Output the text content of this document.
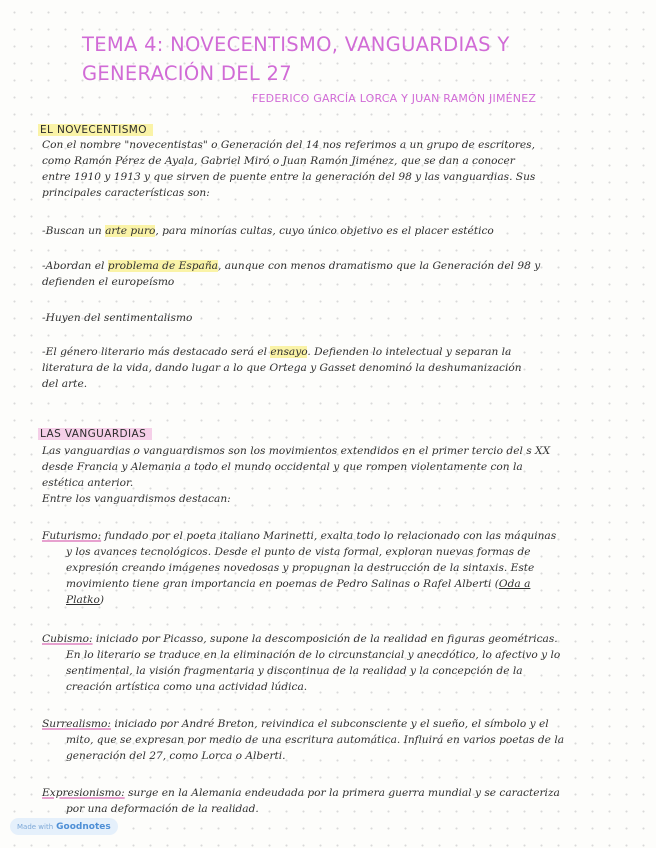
TEMA 4: NOVECENTISMO, VANGUARDIAS Y
GENERACIÓN DEL 27
FEDERICO GARCÍA LORCA Y JUAN RAMÓN JIMÉNEZ
EL NOVECENTISMO
Con el nombre "novecentistas" o Generación del 14 nos referimos a un grupo de escritores,
como Ramón Pérez de Ayala, Gabriel Miró o Juan Ramón Jiménez, que se dan a conocer
entre 1910 y 1913 y que sirven de puente entre la generación del 98 y las vanguardias. Sus
principales características son:
-Buscan un arte puro, para minorías cultas, cuyo único objetivo es el placer estético
-Abordan el problema de España, aunque con menos dramatismo que la Generación del 98 y
defienden el europeísmo
-Huyen del sentimentalismo
-El género literario más destacado será el ensayo. Defienden lo intelectual y separan la
literatura de la vida, dando lugar a lo que Ortega y Gasset denominó la deshumanización
del arte.
LAS VANGUARDIAS
Las vanguardias o vanguardismos son los movimientos extendidos en el primer tercio del s XX
desde Francia y Alemania a todo el mundo occidental y que rompen violentamente con la
estética anterior.
Entre los vanguardismos destacan:
Futurismo: fundado por el poeta italiano Marinetti, exalta todo lo relacionado con las máquinas
y los avances tecnológicos. Desde el punto de vista formal, exploran nuevas formas de
expresión creando imágenes novedosas y propugnan la destrucción de la sintaxis. Este
movimiento tiene gran importancia en poemas de Pedro Salinas o Rafel Alberti (Oda a
Platko)
Cubismo: iniciado por Picasso, supone la descomposición de la realidad en figuras geométricas.
En lo literario se traduce en la eliminación de lo circunstancial y anecdótico, lo afectivo y lo
sentimental, la visión fragmentaria y discontinua de la realidad y la concepción de la
creación artística como una actividad lúdica.
Surrealismo: iniciado por André Breton, reivindica el subconsciente y el sueño, el símbolo y el
mito, que se expresan por medio de una escritura automática. Influirá en varios poetas de la
generación del 27, como Lorca o Alberti.
Expresionismo: surge en la Alemania endeudada por la primera guerra mundial y se caracteriza
por una deformación de la realidad.
Made with Goodnotes
